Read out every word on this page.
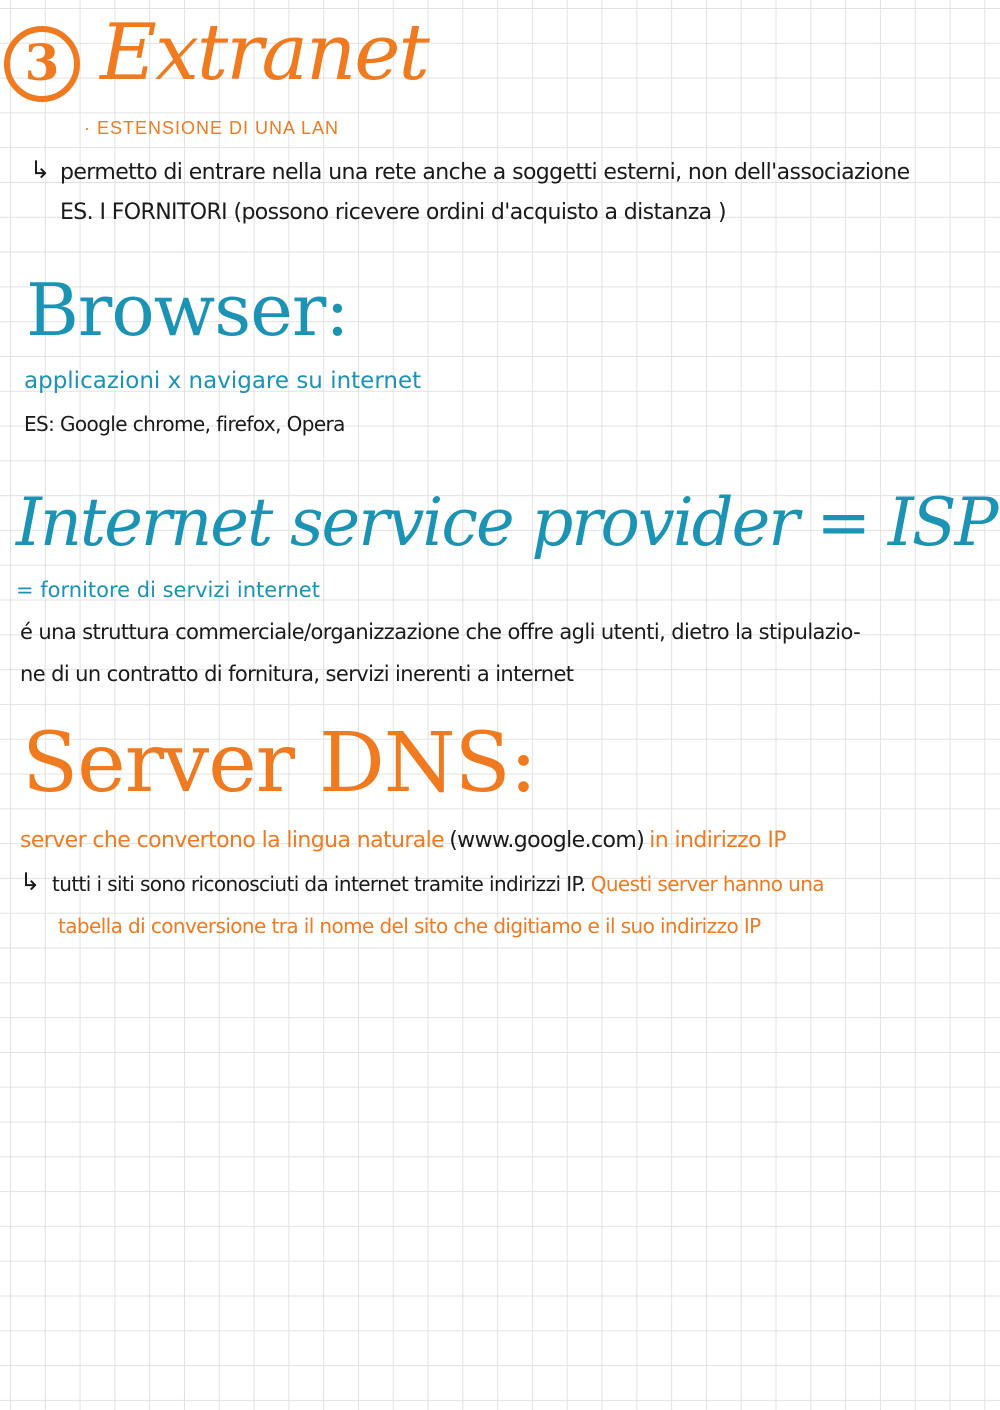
3 Extranet
· ESTENSIONE DI UNA LAN
↳ permetto di entrare nella una rete anche a soggetti esterni, non dell'associazione
ES. I FORNITORI (possono ricevere ordini d'acquisto a distanza )
Browser:
applicazioni x navigare su internet
ES: Google chrome, firefox, Opera
Internet service provider = ISP
= fornitore di servizi internet
é una struttura commerciale/organizzazione che offre agli utenti, dietro la stipulazio-
ne di un contratto di fornitura, servizi inerenti a internet
Server DNS:
server che convertono la lingua naturale (www.google.com) in indirizzo IP
↳ tutti i siti sono riconosciuti da internet tramite indirizzi IP. Questi server hanno una
tabella di conversione tra il nome del sito che digitiamo e il suo indirizzo IP
